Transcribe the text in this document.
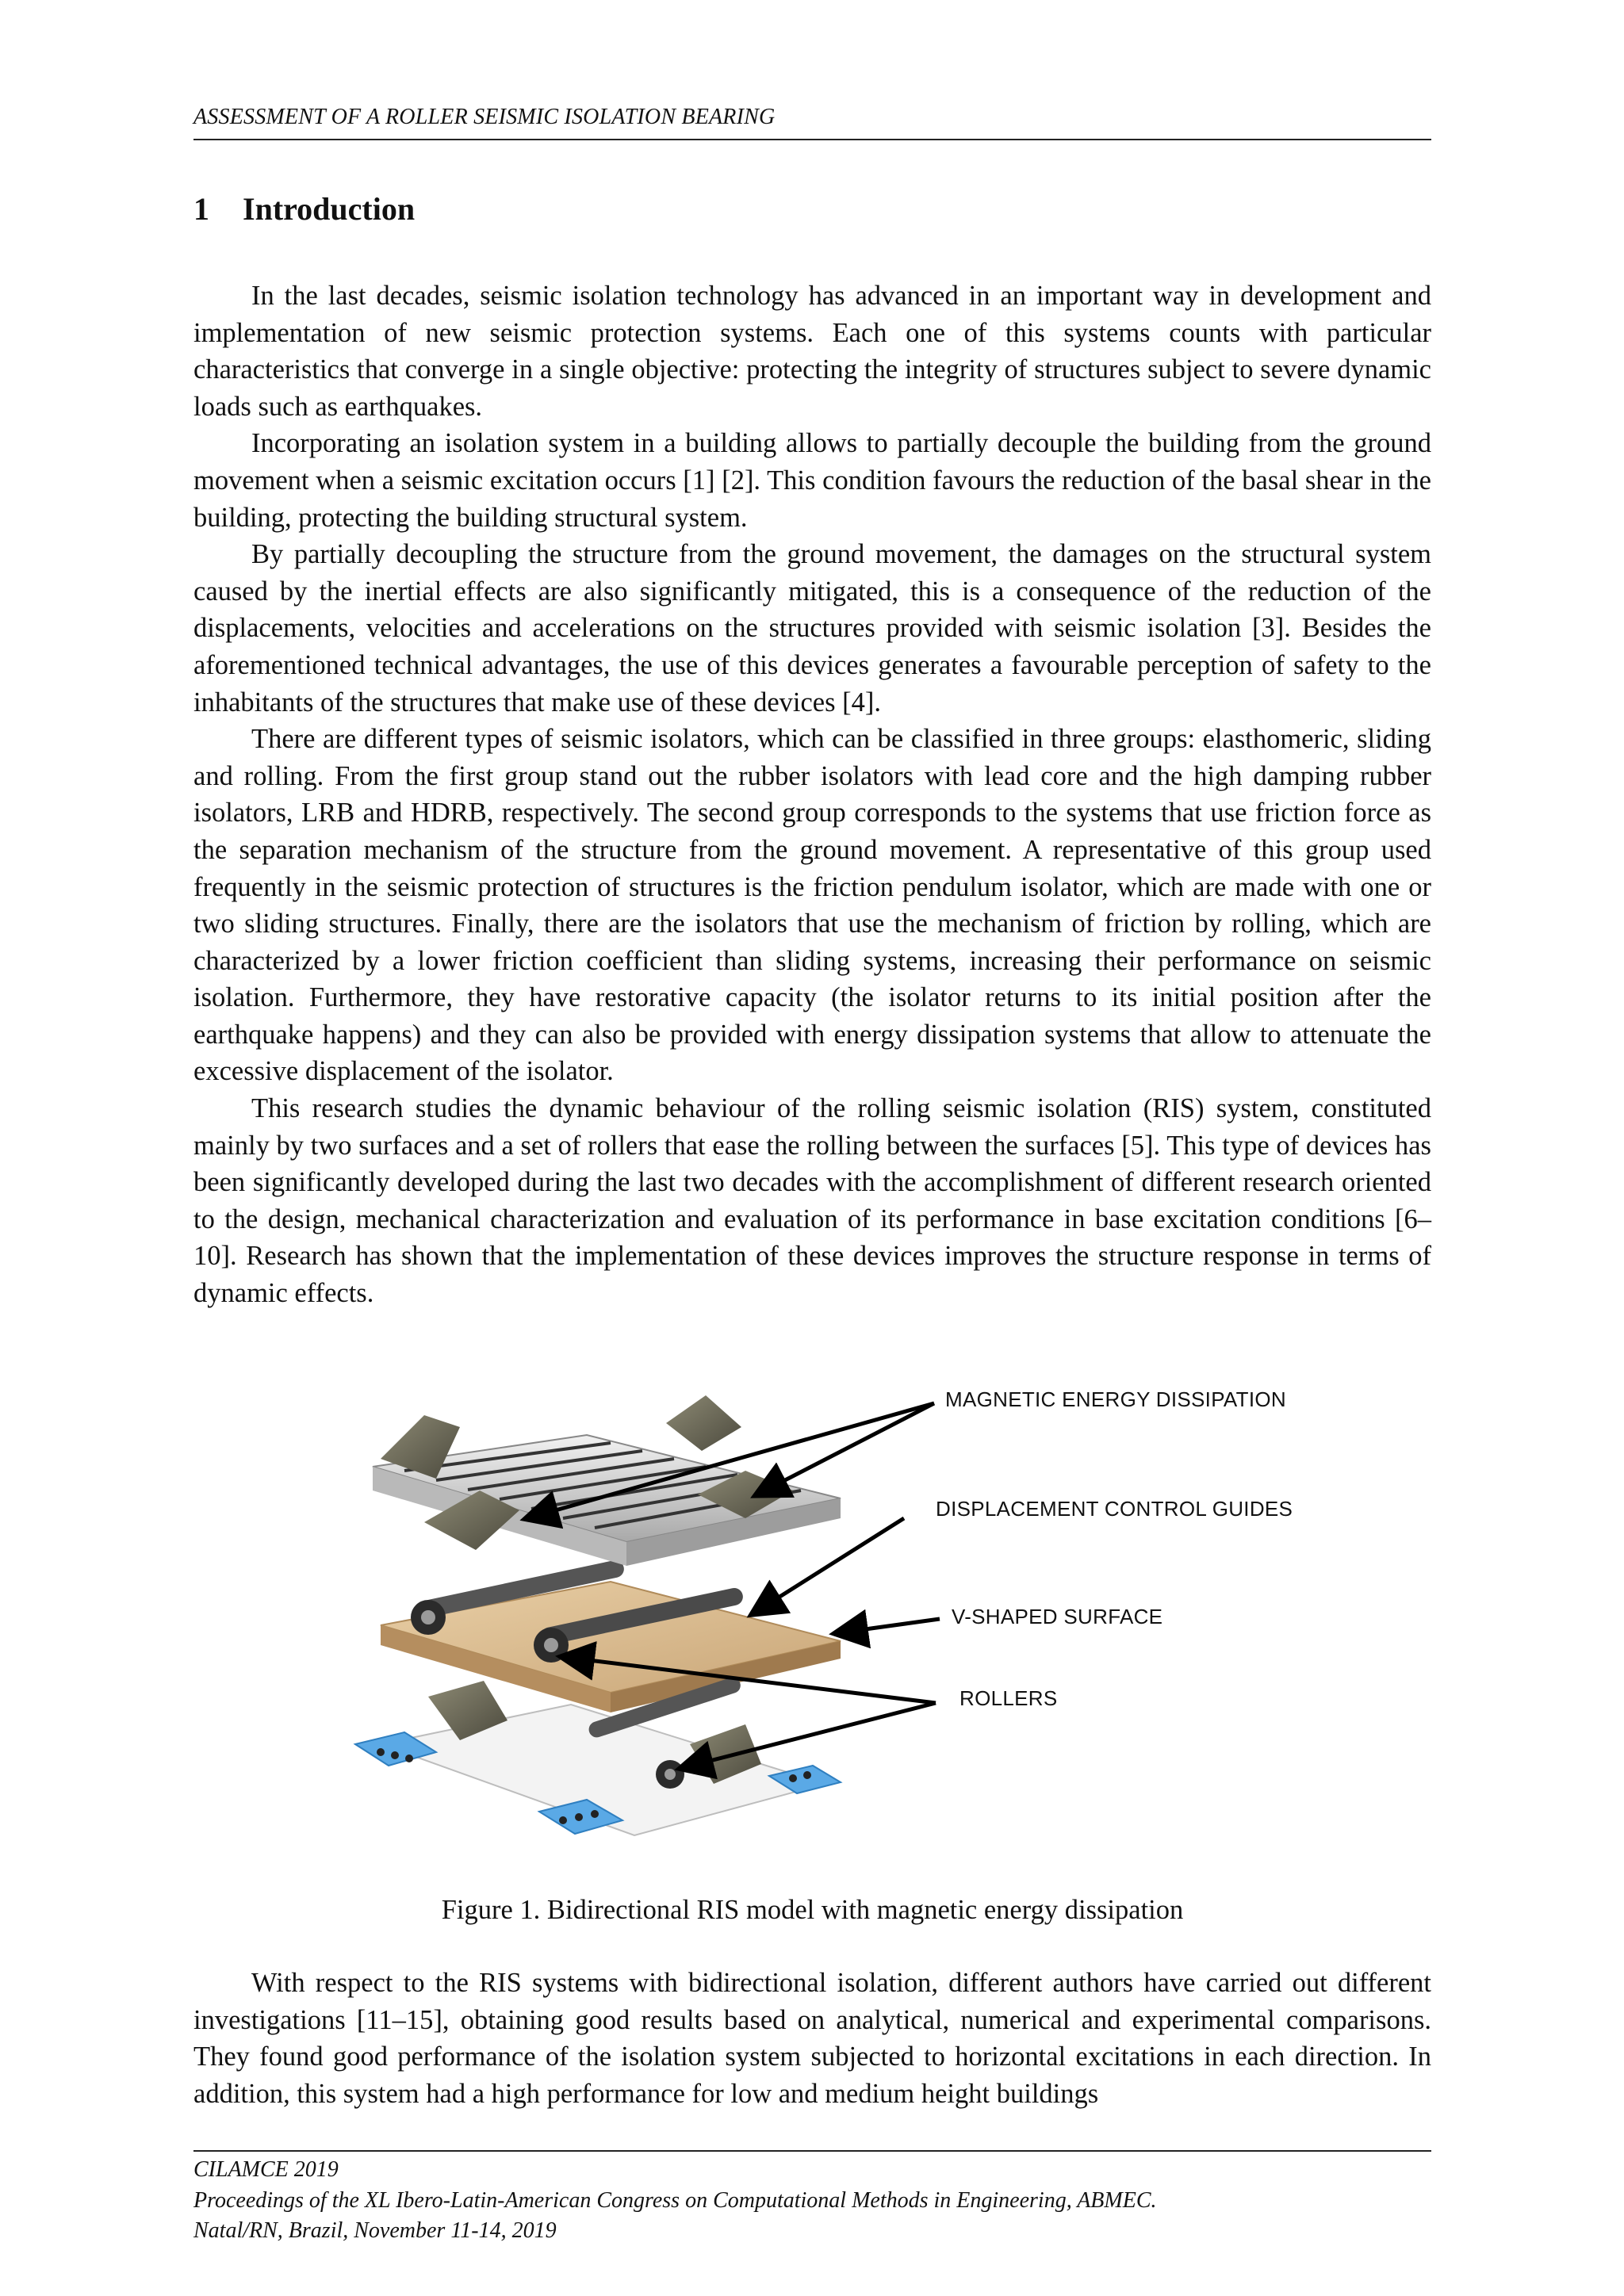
ASSESSMENT OF A ROLLER SEISMIC ISOLATION BEARING
1 Introduction

In the last decades, seismic isolation technology has advanced in an important way in development and implementation of new seismic protection systems. Each one of this systems counts with particular characteristics that converge in a single objective: protecting the integrity of structures subject to severe dynamic loads such as earthquakes.

Incorporating an isolation system in a building allows to partially decouple the building from the ground movement when a seismic excitation occurs [1] [2]. This condition favours the reduction of the basal shear in the building, protecting the building structural system.

By partially decoupling the structure from the ground movement, the damages on the structural system caused by the inertial effects are also significantly mitigated, this is a consequence of the reduction of the displacements, velocities and accelerations on the structures provided with seismic isolation [3]. Besides the aforementioned technical advantages, the use of this devices generates a favourable perception of safety to the inhabitants of the structures that make use of these devices [4].

There are different types of seismic isolators, which can be classified in three groups: elasthomeric, sliding and rolling. From the first group stand out the rubber isolators with lead core and the high damping rubber isolators, LRB and HDRB, respectively. The second group corresponds to the systems that use friction force as the separation mechanism of the structure from the ground movement. A representative of this group used frequently in the seismic protection of structures is the friction pendulum isolator, which are made with one or two sliding structures. Finally, there are the isolators that use the mechanism of friction by rolling, which are characterized by a lower friction coefficient than sliding systems, increasing their performance on seismic isolation. Furthermore, they have restorative capacity (the isolator returns to its initial position after the earthquake happens) and they can also be provided with energy dissipation systems that allow to attenuate the excessive displacement of the isolator.

This research studies the dynamic behaviour of the rolling seismic isolation (RIS) system, constituted mainly by two surfaces and a set of rollers that ease the rolling between the surfaces [5]. This type of devices has been significantly developed during the last two decades with the accomplishment of different research oriented to the design, mechanical characterization and evaluation of its performance in base excitation conditions [6–10]. Research has shown that the implementation of these devices improves the structure response in terms of dynamic effects.

MAGNETIC ENERGY DISSIPATION
DISPLACEMENT CONTROL GUIDES
V-SHAPED SURFACE
ROLLERS
Figure 1. Bidirectional RIS model with magnetic energy dissipation

With respect to the RIS systems with bidirectional isolation, different authors have carried out different investigations [11–15], obtaining good results based on analytical, numerical and experimental comparisons. They found good performance of the isolation system subjected to horizontal excitations in each direction. In addition, this system had a high performance for low and medium height buildings

CILAMCE 2019
Proceedings of the XL Ibero-Latin-American Congress on Computational Methods in Engineering, ABMEC.
Natal/RN, Brazil, November 11-14, 2019
